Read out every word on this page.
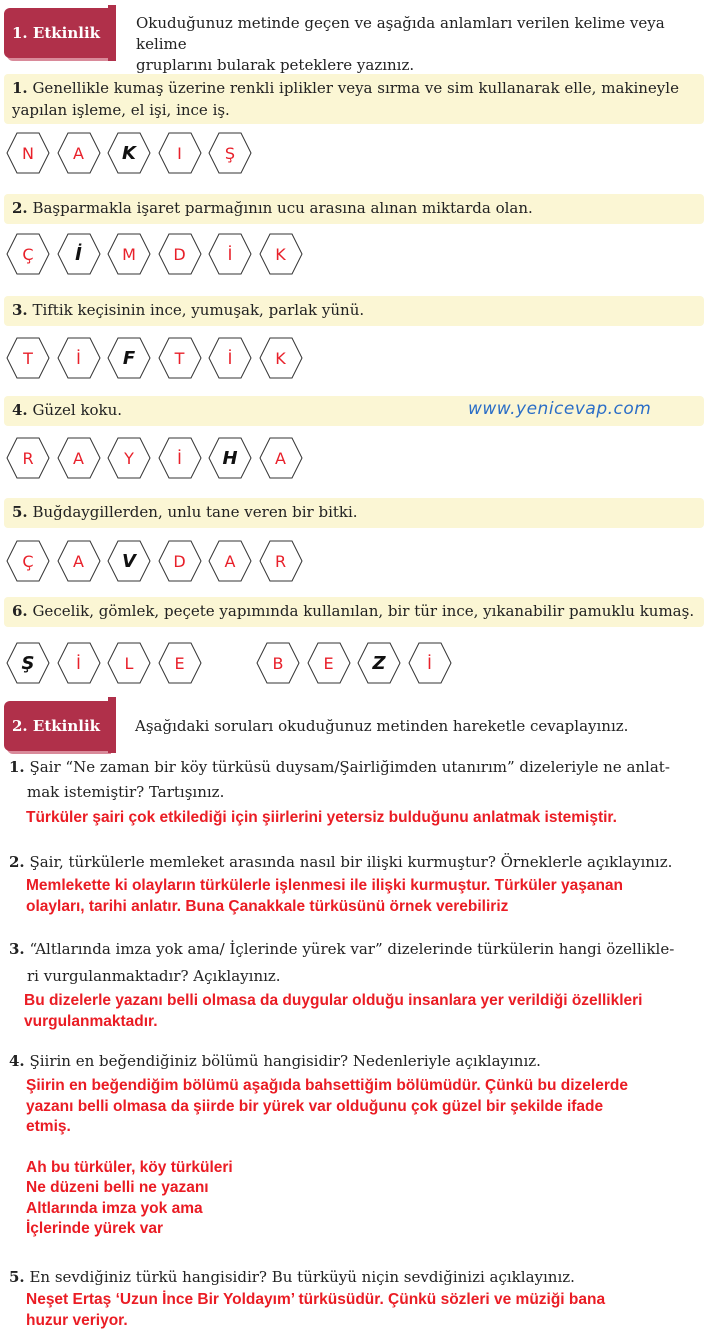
1. Etkinlik
Okuduğunuz metinde geçen ve aşağıda anlamları verilen kelime veya kelime
gruplarını bularak peteklere yazınız.
1. Genellikle kumaş üzerine renkli iplikler veya sırma ve sim kullanarak elle, makineyle
yapılan işleme, el işi, ince iş.
2. Başparmakla işaret parmağının ucu arasına alınan miktarda olan.
3. Tiftik keçisinin ince, yumuşak, parlak yünü.
4. Güzel koku.
5. Buğdaygillerden, unlu tane veren bir bitki.
6. Gecelik, gömlek, peçete yapımında kullanılan, bir tür ince, yıkanabilir pamuklu kumaş.
www.yenicevap.com
N	A	K	I	Ş
Ç	İ	M	D	İ	K
T	İ	F	T	İ	K
R	A	Y	İ	H	A
Ç	A	V	D	A	R
Ş	İ	L	E	B	E	Z	İ
2. Etkinlik Aşağıdaki soruları okuduğunuz metinden hareketle cevaplayınız.
1. Şair “Ne zaman bir köy türküsü duysam/Şairliğimden utanırım” dizeleriyle ne anlat-
mak istemiştir? Tartışınız.
Türküler şairi çok etkilediği için şiirlerini yetersiz bulduğunu anlatmak istemiştir.
2. Şair, türkülerle memleket arasında nasıl bir ilişki kurmuştur? Örneklerle açıklayınız.
Memlekette ki olayların türkülerle işlenmesi ile ilişki kurmuştur. Türküler yaşanan
olayları, tarihi anlatır. Buna Çanakkale türküsünü örnek verebiliriz
3. “Altlarında imza yok ama/ İçlerinde yürek var” dizelerinde türkülerin hangi özellikle-
ri vurgulanmaktadır? Açıklayınız.
Bu dizelerle yazanı belli olmasa da duygular olduğu insanlara yer verildiği özellikleri
vurgulanmaktadır.
4. Şiirin en beğendiğiniz bölümü hangisidir? Nedenleriyle açıklayınız.
Şiirin en beğendiğim bölümü aşağıda bahsettiğim bölümüdür. Çünkü bu dizelerde
yazanı belli olmasa da şiirde bir yürek var olduğunu çok güzel bir şekilde ifade
etmiş.
Ah bu türküler, köy türküleri
Ne düzeni belli ne yazanı
Altlarında imza yok ama
İçlerinde yürek var
5. En sevdiğiniz türkü hangisidir? Bu türküyü niçin sevdiğinizi açıklayınız.
Neşet Ertaş ‘Uzun İnce Bir Yoldayım’ türküsüdür. Çünkü sözleri ve müziği bana
huzur veriyor.
